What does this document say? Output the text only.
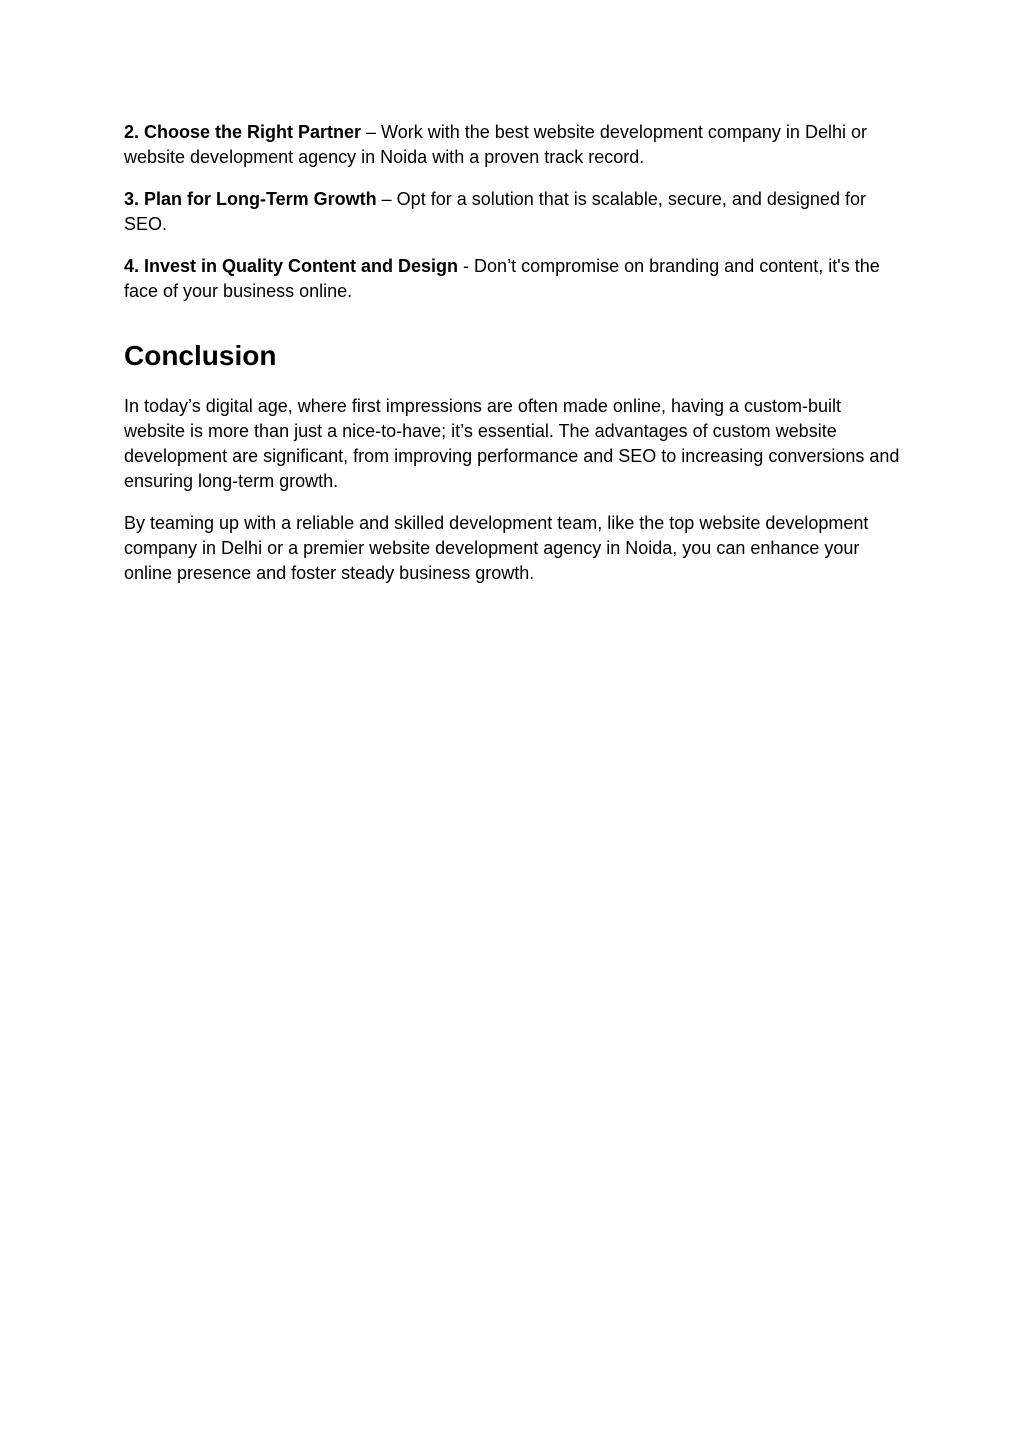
2. Choose the Right Partner – Work with the best website development company in Delhi or website development agency in Noida with a proven track record.

3. Plan for Long-Term Growth – Opt for a solution that is scalable, secure, and designed for SEO.

4. Invest in Quality Content and Design - Don’t compromise on branding and content, it's the face of your business online.

Conclusion

In today’s digital age, where first impressions are often made online, having a custom-built website is more than just a nice-to-have; it’s essential. The advantages of custom website development are significant, from improving performance and SEO to increasing conversions and ensuring long-term growth.

By teaming up with a reliable and skilled development team, like the top website development company in Delhi or a premier website development agency in Noida, you can enhance your online presence and foster steady business growth.
